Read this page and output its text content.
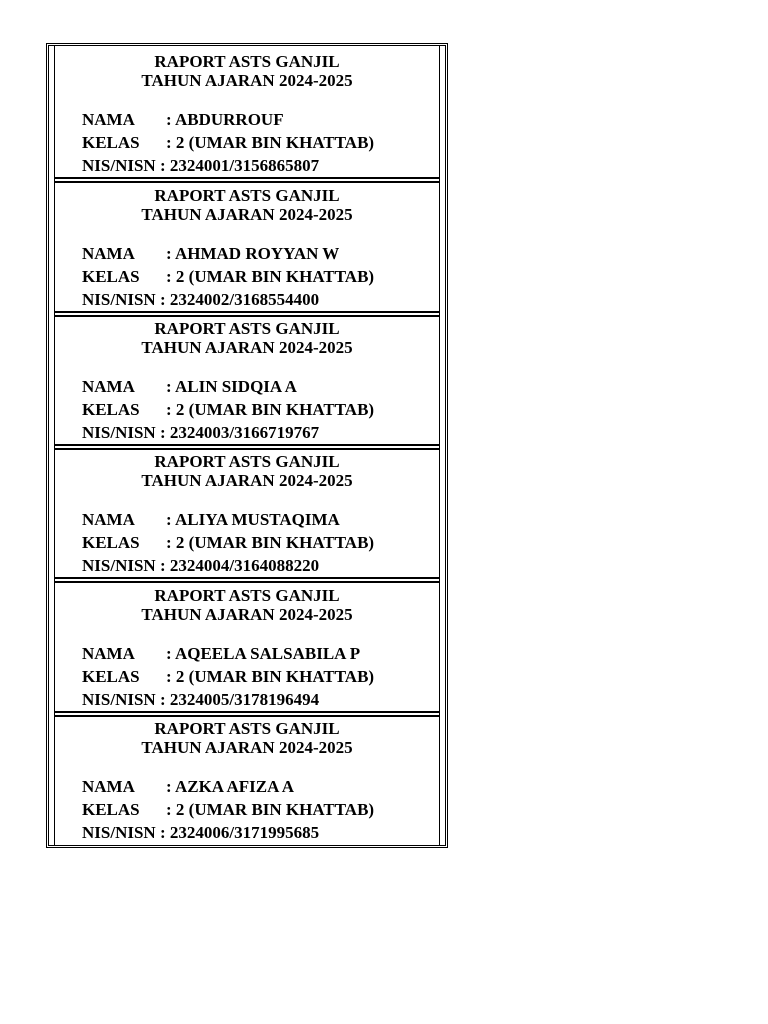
RAPORT ASTS GANJIL
TAHUN AJARAN 2024-2025
NAMA : ABDURROUF
KELAS : 2 (UMAR BIN KHATTAB)
NIS/NISN : 2324001/3156865807
RAPORT ASTS GANJIL
TAHUN AJARAN 2024-2025
NAMA : AHMAD ROYYAN W
KELAS : 2 (UMAR BIN KHATTAB)
NIS/NISN : 2324002/3168554400
RAPORT ASTS GANJIL
TAHUN AJARAN 2024-2025
NAMA : ALIN SIDQIA A
KELAS : 2 (UMAR BIN KHATTAB)
NIS/NISN : 2324003/3166719767
RAPORT ASTS GANJIL
TAHUN AJARAN 2024-2025
NAMA : ALIYA MUSTAQIMA
KELAS : 2 (UMAR BIN KHATTAB)
NIS/NISN : 2324004/3164088220
RAPORT ASTS GANJIL
TAHUN AJARAN 2024-2025
NAMA : AQEELA SALSABILA P
KELAS : 2 (UMAR BIN KHATTAB)
NIS/NISN : 2324005/3178196494
RAPORT ASTS GANJIL
TAHUN AJARAN 2024-2025
NAMA : AZKA AFIZA A
KELAS : 2 (UMAR BIN KHATTAB)
NIS/NISN : 2324006/3171995685
